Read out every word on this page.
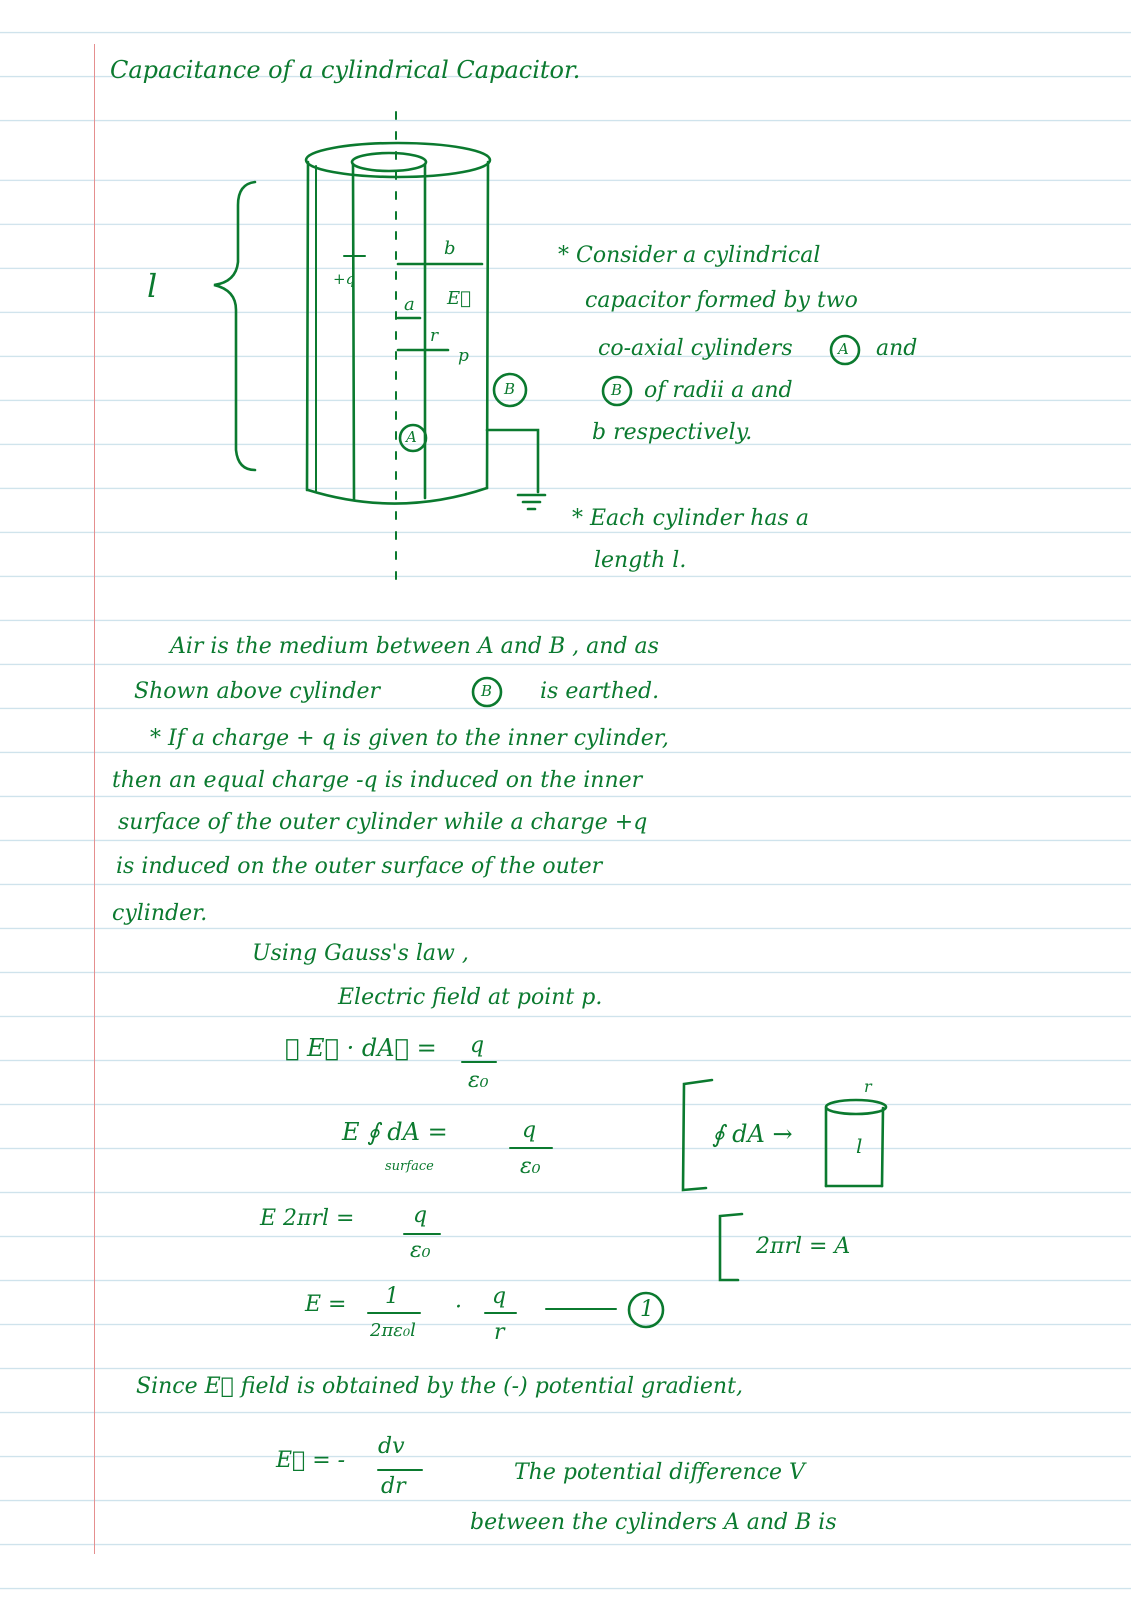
Capacitance of a cylindrical Capacitor.
l	+q
b
a E⃗
r
p
A
B
* Consider a cylindrical
capacitor formed by two
co-axial cylinders	A and
B of radii a and
b respectively.
* Each cylinder has a
length l.
Air is the medium between A and B , and as
Shown above cylinder	B is earthed.
* If a charge + q is given to the inner cylinder,
then an equal charge -q is induced on the inner
surface of the outer cylinder while a charge +q
is induced on the outer surface of the outer
cylinder.
Using Gauss's law ,
Electric field at point p.
∮ E⃗ · dA⃗ = q
ε₀
E ∮ dA =
surface
q
ε₀
E 2πrl =	q
ε₀
E = 1
2πε₀l
· q
r
1
∮ dA →
r
l
2πrl = A
Since E⃗ field is obtained by the (-) potential gradient,
E⃗ = -
dv
dr
The potential difference V
between the cylinders A and B is
